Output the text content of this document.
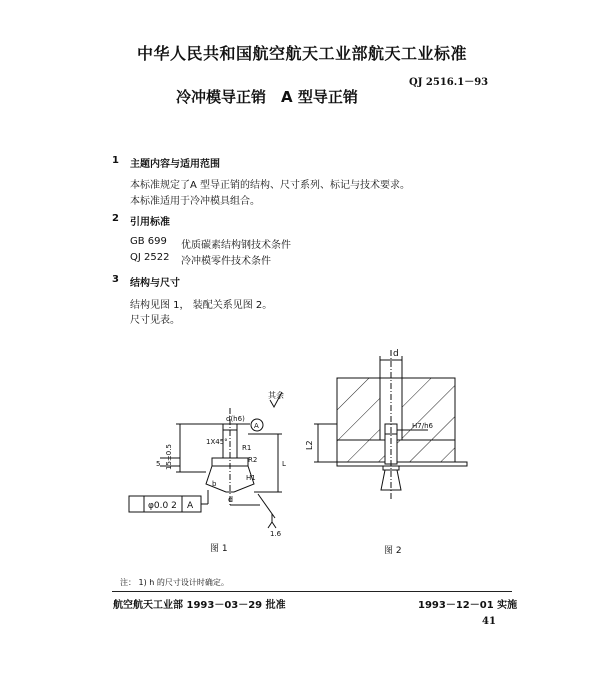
中华人民共和国航空航天工业部航天工业标准
QJ 2516.1－93
冷冲模导正销　A 型导正销
1 主题内容与适用范围
本标准规定了A 型导正销的结构、尺寸系列、标记与技术要求。
本标准适用于冷冲模具组合。
2 引用标准
GB 699 优质碳素结构钢技术条件
QJ 2522 冷冲模零件技术条件
3 结构与尺寸
结构见图 1， 装配关系见图 2。
尺寸见表。
其余
d(h6)
A
1X45°
15±0.5
5
R1
R2
H1
L
d
b
φ0.0 2 A
1.6
图 1
d
L2
H7/h6
图 2
注： 1) h 的尺寸设计时确定。
航空航天工业部 1993－03－29 批准	1993－12－01 实施
41
